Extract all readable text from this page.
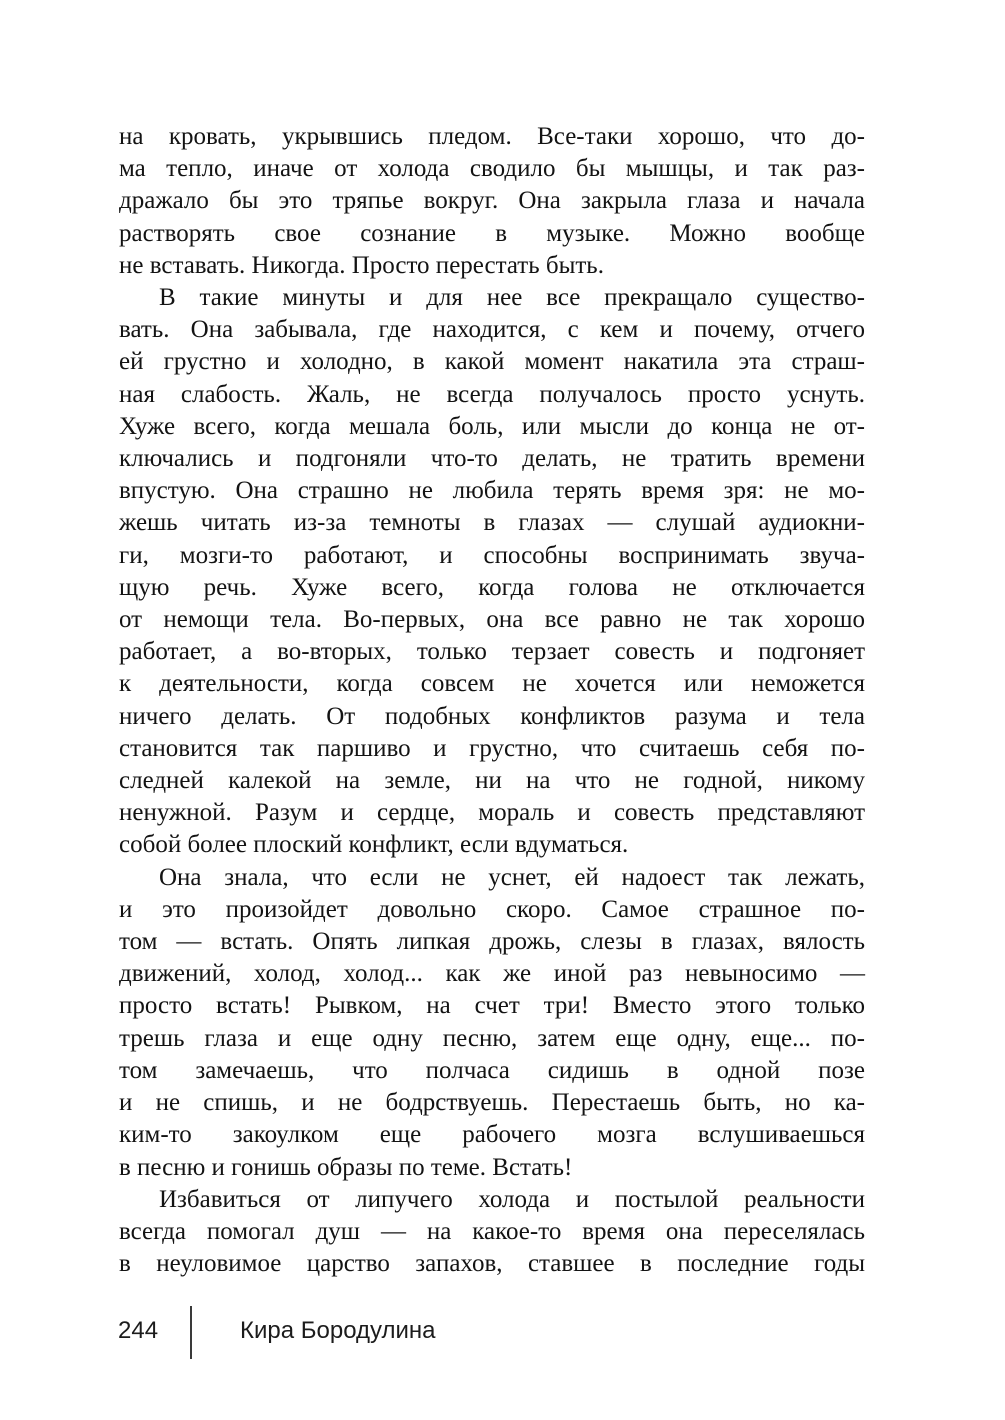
на кровать, укрывшись пледом. Все-таки хорошо, что до-
ма тепло, иначе от холода сводило бы мышцы, и так раз-
дражало бы это тряпье вокруг. Она закрыла глаза и начала
растворять свое сознание в музыке. Можно вообще
не вставать. Никогда. Просто перестать быть.
В такие минуты и для нее все прекращало существо-
вать. Она забывала, где находится, с кем и почему, отчего
ей грустно и холодно, в какой момент накатила эта страш-
ная слабость. Жаль, не всегда получалось просто уснуть.
Хуже всего, когда мешала боль, или мысли до конца не от-
ключались и подгоняли что-то делать, не тратить времени
впустую. Она страшно не любила терять время зря: не мо-
жешь читать из-за темноты в глазах — слушай аудиокни-
ги, мозги-то работают, и способны воспринимать звуча-
щую речь. Хуже всего, когда голова не отключается
от немощи тела. Во-первых, она все равно не так хорошо
работает, а во-вторых, только терзает совесть и подгоняет
к деятельности, когда совсем не хочется или неможется
ничего делать. От подобных конфликтов разума и тела
становится так паршиво и грустно, что считаешь себя по-
следней калекой на земле, ни на что не годной, никому
ненужной. Разум и сердце, мораль и совесть представляют
собой более плоский конфликт, если вдуматься.
Она знала, что если не уснет, ей надоест так лежать,
и это произойдет довольно скоро. Самое страшное по-
том — встать. Опять липкая дрожь, слезы в глазах, вялость
движений, холод, холод... как же иной раз невыносимо —
просто встать! Рывком, на счет три! Вместо этого только
трешь глаза и еще одну песню, затем еще одну, еще... по-
том замечаешь, что полчаса сидишь в одной позе
и не спишь, и не бодрствуешь. Перестаешь быть, но ка-
ким-то закоулком еще рабочего мозга вслушиваешься
в песню и гонишь образы по теме. Встать!
Избавиться от липучего холода и постылой реальности
всегда помогал душ — на какое-то время она переселялась
в неуловимое царство запахов, ставшее в последние годы
244	Кира Бородулина
